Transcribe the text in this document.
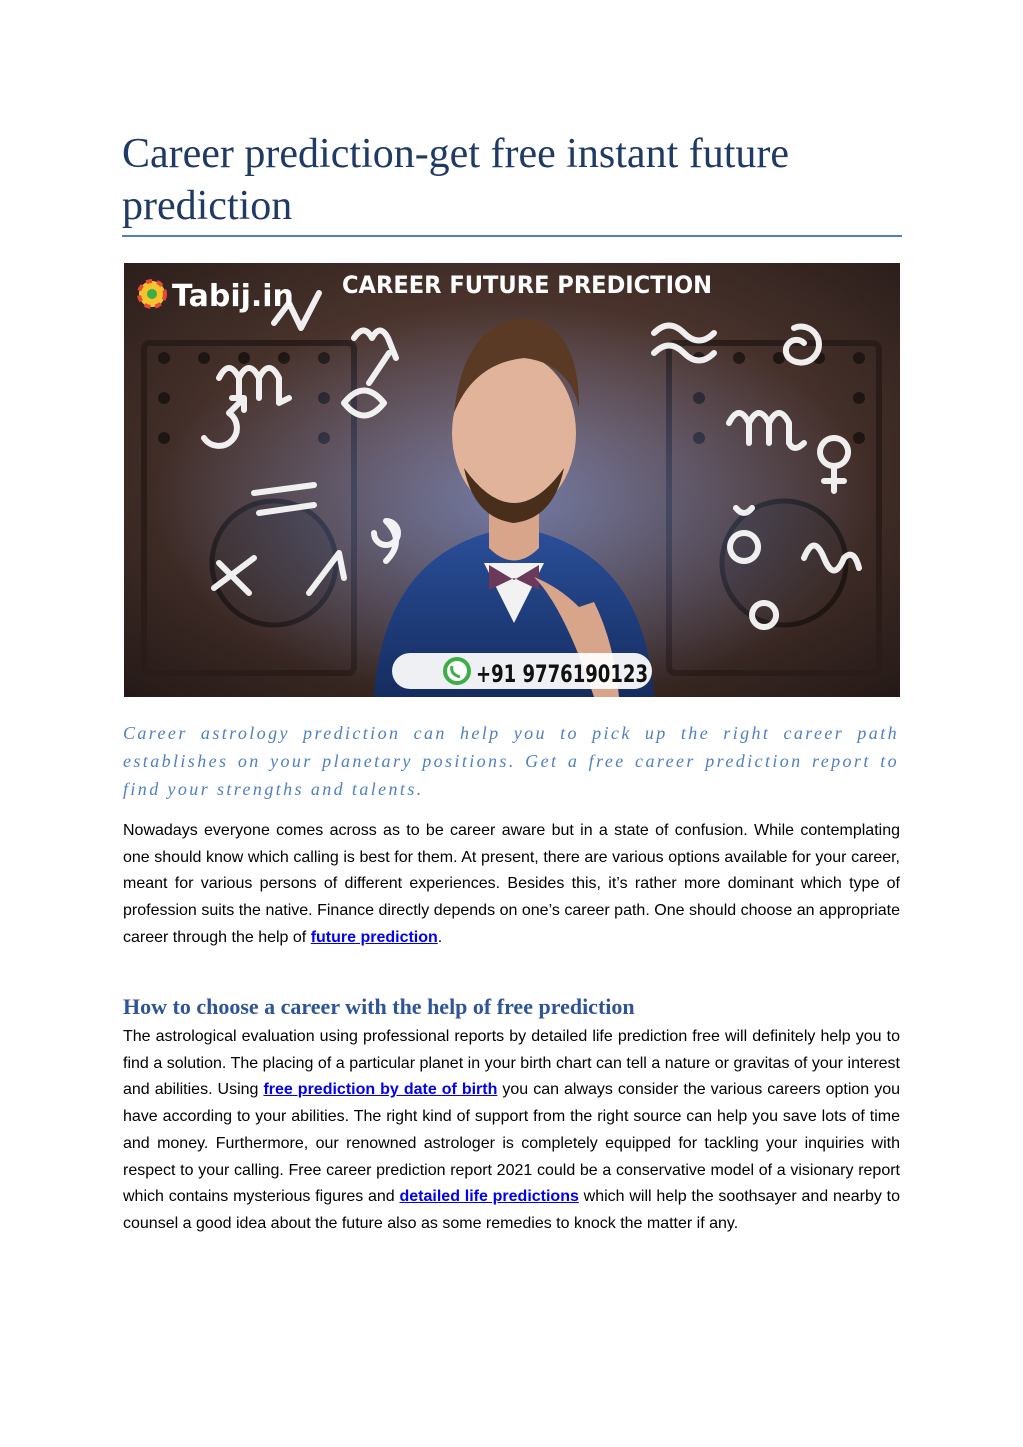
Career prediction-get free instant future prediction
Tabij.in CAREER FUTURE PREDICTION
+91 9776190123

Career astrology prediction can help you to pick up the right career path establishes on your planetary positions. Get a free career prediction report to find your strengths and talents.

Nowadays everyone comes across as to be career aware but in a state of confusion. While contemplating one should know which calling is best for them. At present, there are various options available for your career, meant for various persons of different experiences. Besides this, it’s rather more dominant which type of profession suits the native. Finance directly depends on one’s career path. One should choose an appropriate career through the help of future prediction.

How to choose a career with the help of free prediction

The astrological evaluation using professional reports by detailed life prediction free will definitely help you to find a solution. The placing of a particular planet in your birth chart can tell a nature or gravitas of your interest and abilities. Using free prediction by date of birth you can always consider the various careers option you have according to your abilities. The right kind of support from the right source can help you save lots of time and money. Furthermore, our renowned astrologer is completely equipped for tackling your inquiries with respect to your calling. Free career prediction report 2021 could be a conservative model of a visionary report which contains mysterious figures and detailed life predictions which will help the soothsayer and nearby to counsel a good idea about the future also as some remedies to knock the matter if any.
